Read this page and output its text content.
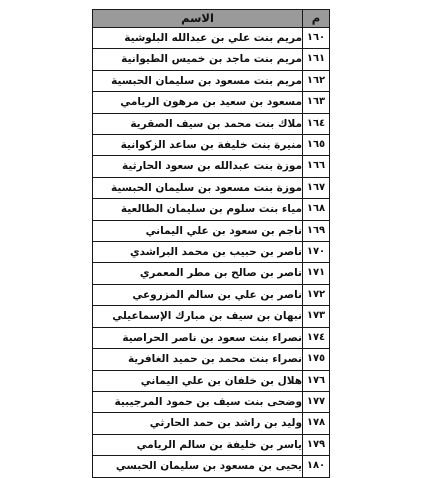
م	الاسم
١٦٠	مريم بنت علي بن عبدالله البلوشية
١٦١	مريم بنت ماجد بن خميس الطيوانية
١٦٢	مريم بنت مسعود بن سليمان الحبسية
١٦٣	مسعود بن سعيد بن مرهون الريامي
١٦٤	ملاك بنت محمد بن سيف الصقرية
١٦٥	منيرة بنت خليفة بن ساعد الزكوانية
١٦٦	موزة بنت عبدالله بن سعود الحارثية
١٦٧	موزة بنت مسعود بن سليمان الحبسية
١٦٨	مياء بنت سلوم بن سليمان الطالعية
١٦٩	ناجم بن سعود بن علي اليماني
١٧٠	ناصر بن حبيب بن محمد البراشدي
١٧١	ناصر بن صالح بن مطر المعمري
١٧٢	ناصر بن علي بن سالم المزروعي
١٧٣	نبهان بن سيف بن مبارك الإسماعيلي
١٧٤	نصراء بنت سعود بن ناصر الحراصية
١٧٥	نصراء بنت محمد بن حميد الغافرية
١٧٦	هلال بن خلفان بن علي اليماني
١٧٧	وضحى بنت سيف بن حمود المرجيبية
١٧٨	وليد بن راشد بن حمد الحارثي
١٧٩	ياسر بن خليفة بن سالم الريامي
١٨٠	يحيى بن مسعود بن سليمان الحبسي
